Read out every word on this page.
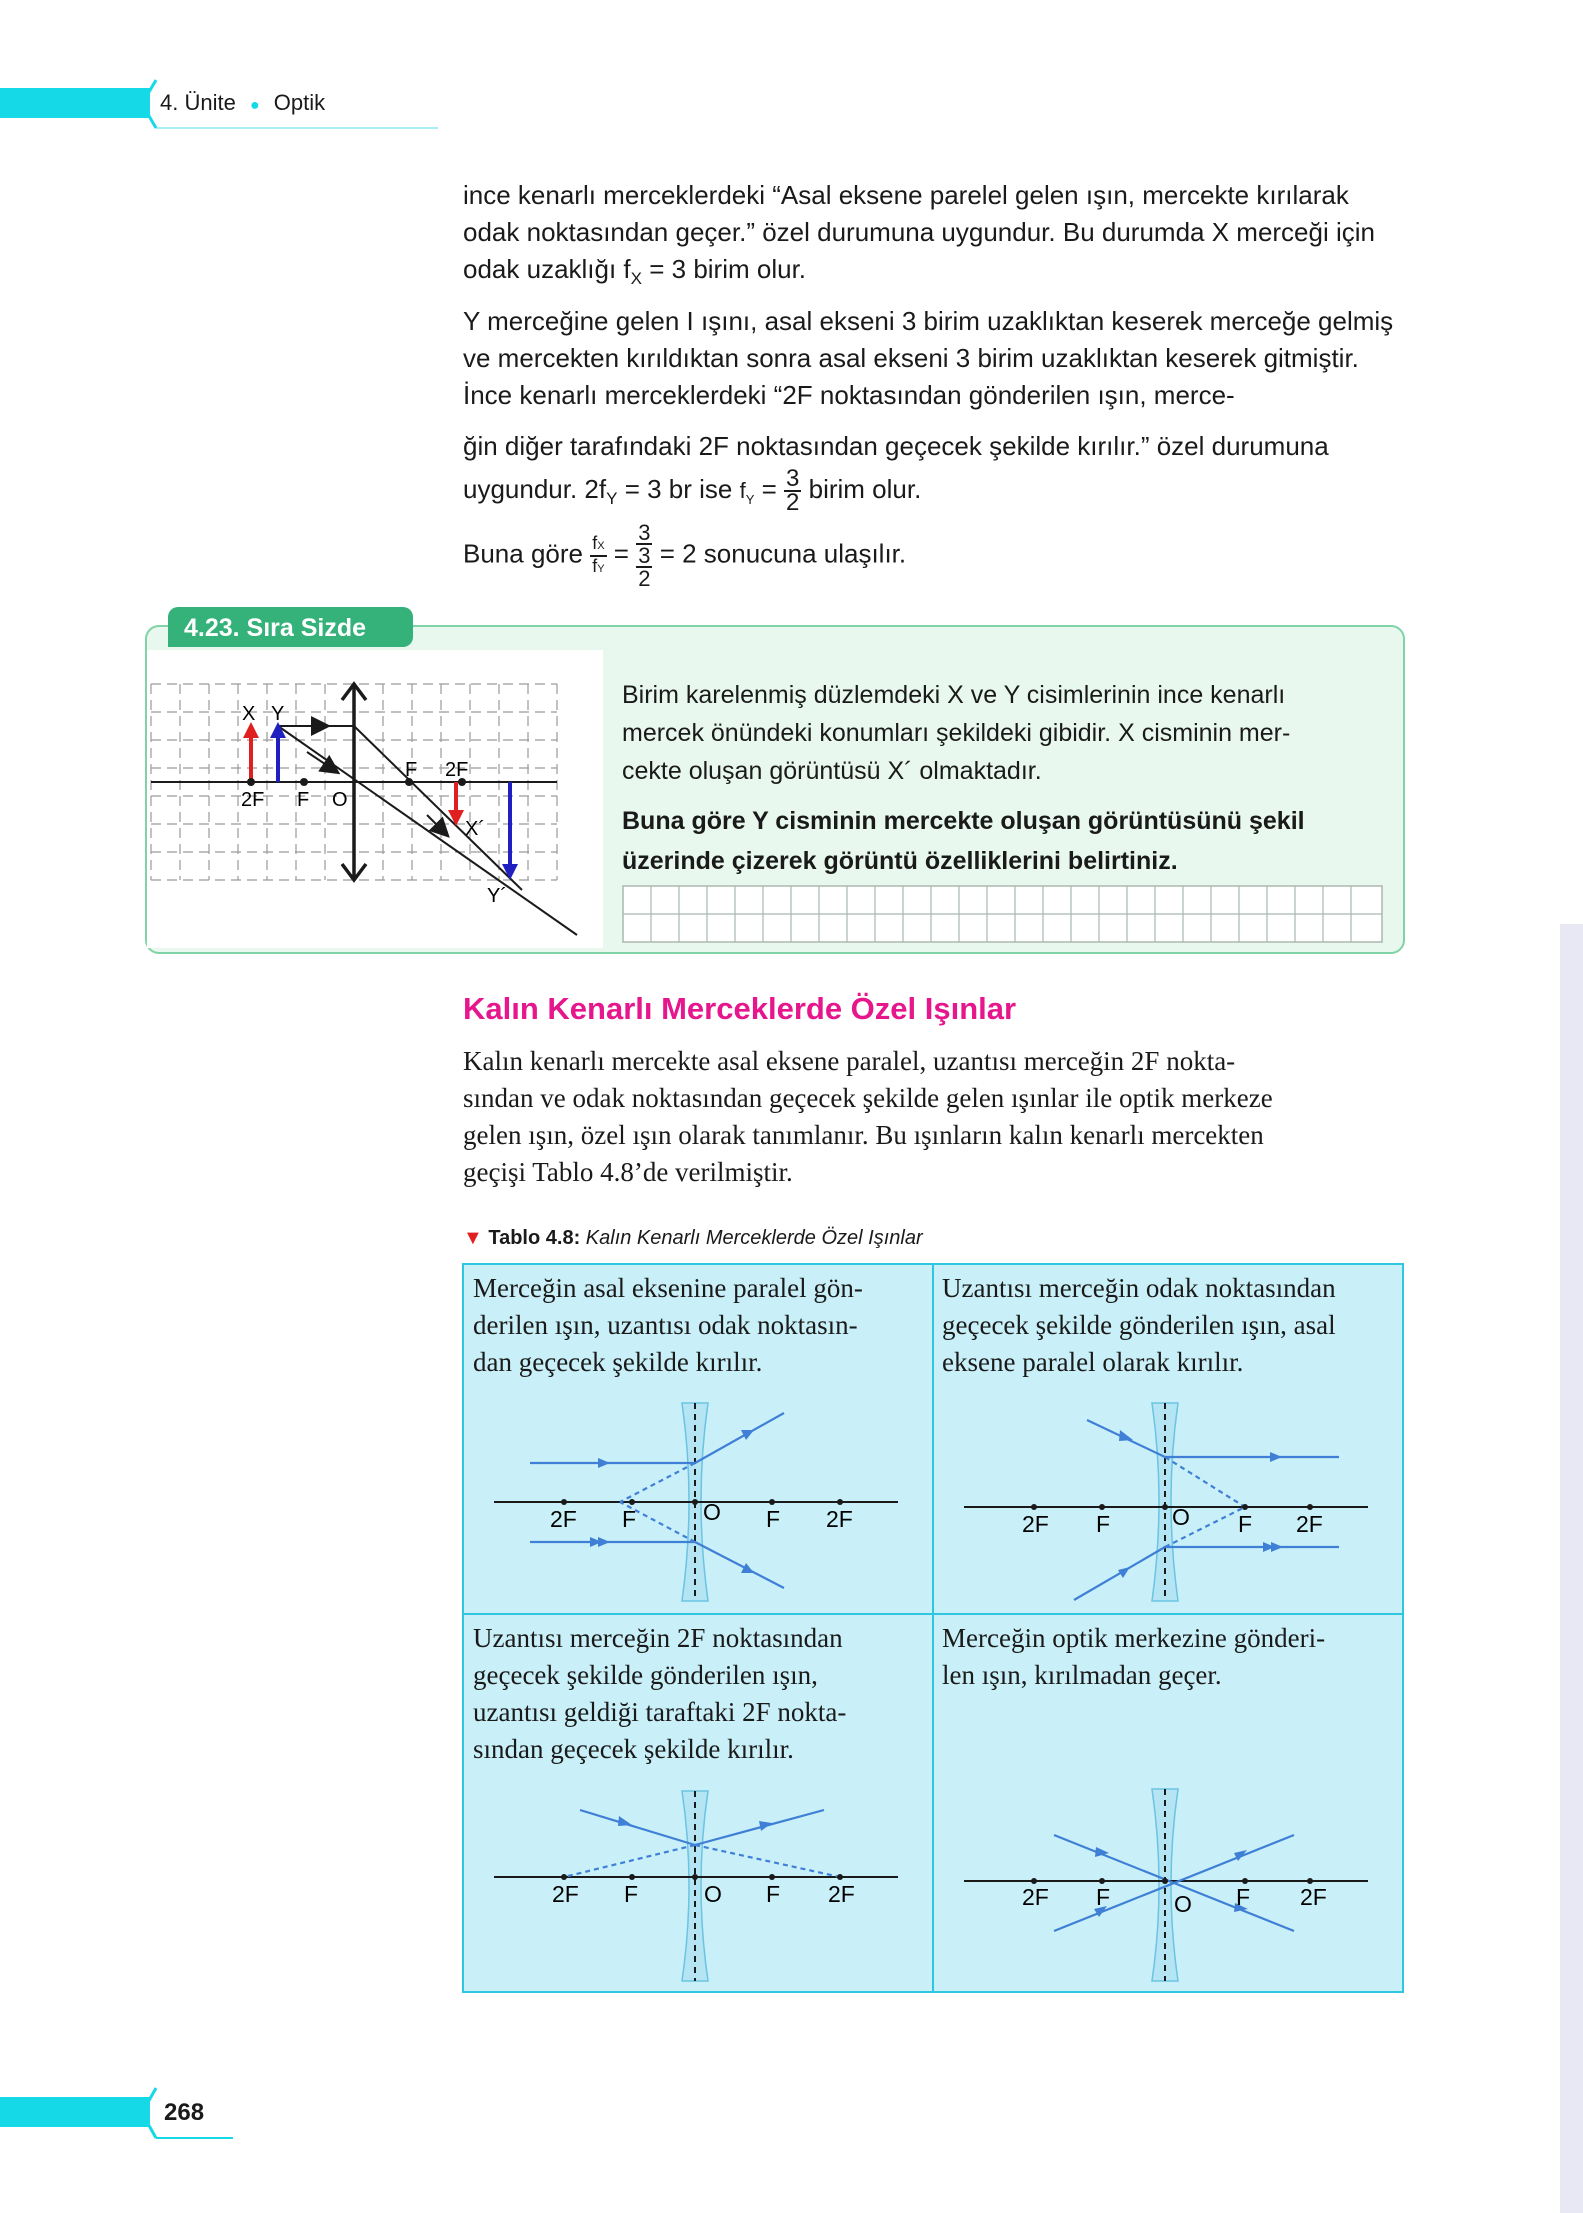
4. Ünite ● Optik
ince kenarlı merceklerdeki “Asal eksene parelel gelen ışın, mercekte kırılarak odak noktasından geçer.” özel durumuna uygundur. Bu durumda X merceği için odak uzaklığı $f_X = 3$ birim olur.
Y merceğine gelen I ışını, asal ekseni 3 birim uzaklıktan keserek merceğe gelmiş ve mercekten kırıldıktan sonra asal ekseni 3 birim uzaklıktan keserek gitmiştir. İnce kenarlı merceklerdeki “2F noktasından gönderilen ışın, merce-
ğin diğer tarafındaki 2F noktasından geçecek şekilde kırılır.” özel durumuna
uygundur. $2f_Y = 3$ br ise $f_Y = \frac{3}{2}$ birim olur.
Buna göre $\frac{fX}{fY} = 3$
3
2 = 2 sonucuna ulaşılır.
4.23. Sıra Sizde
X Y
2F F O
F 2F
X´
Y´
Birim karelenmiş düzlemdeki X ve Y cisimlerinin ince kenarlı
mercek önündeki konumları şekildeki gibidir. X cisminin mer-
cekte oluşan görüntüsü X´ olmaktadır.
Buna göre Y cisminin mercekte oluşan görüntüsünü şekil
üzerinde çizerek görüntü özelliklerini belirtiniz.
Kalın Kenarlı Merceklerde Özel Işınlar
Kalın kenarlı mercekte asal eksene paralel, uzantısı merceğin 2F nokta-
sından ve odak noktasından geçecek şekilde gelen ışınlar ile optik merkeze
gelen ışın, özel ışın olarak tanımlanır. Bu ışınların kalın kenarlı mercekten
geçişi Tablo 4.8’de verilmiştir.
▼ Tablo 4.8: Kalın Kenarlı Merceklerde Özel Işınlar
Merceğin asal eksenine paralel gön-
derilen ışın, uzantısı odak noktasın-
dan geçecek şekilde kırılır.
Uzantısı merceğin odak noktasından
geçecek şekilde gönderilen ışın, asal
eksene paralel olarak kırılır.
Uzantısı merceğin 2F noktasından
geçecek şekilde gönderilen ışın,
uzantısı geldiği taraftaki 2F nokta-
sından geçecek şekilde kırılır.
Merceğin optik merkezine gönderi-
len ışın, kırılmadan geçer.
2F F	O F 2F	2F F	O F 2F
2F F	O F 2F	2F F	O F 2F
268
